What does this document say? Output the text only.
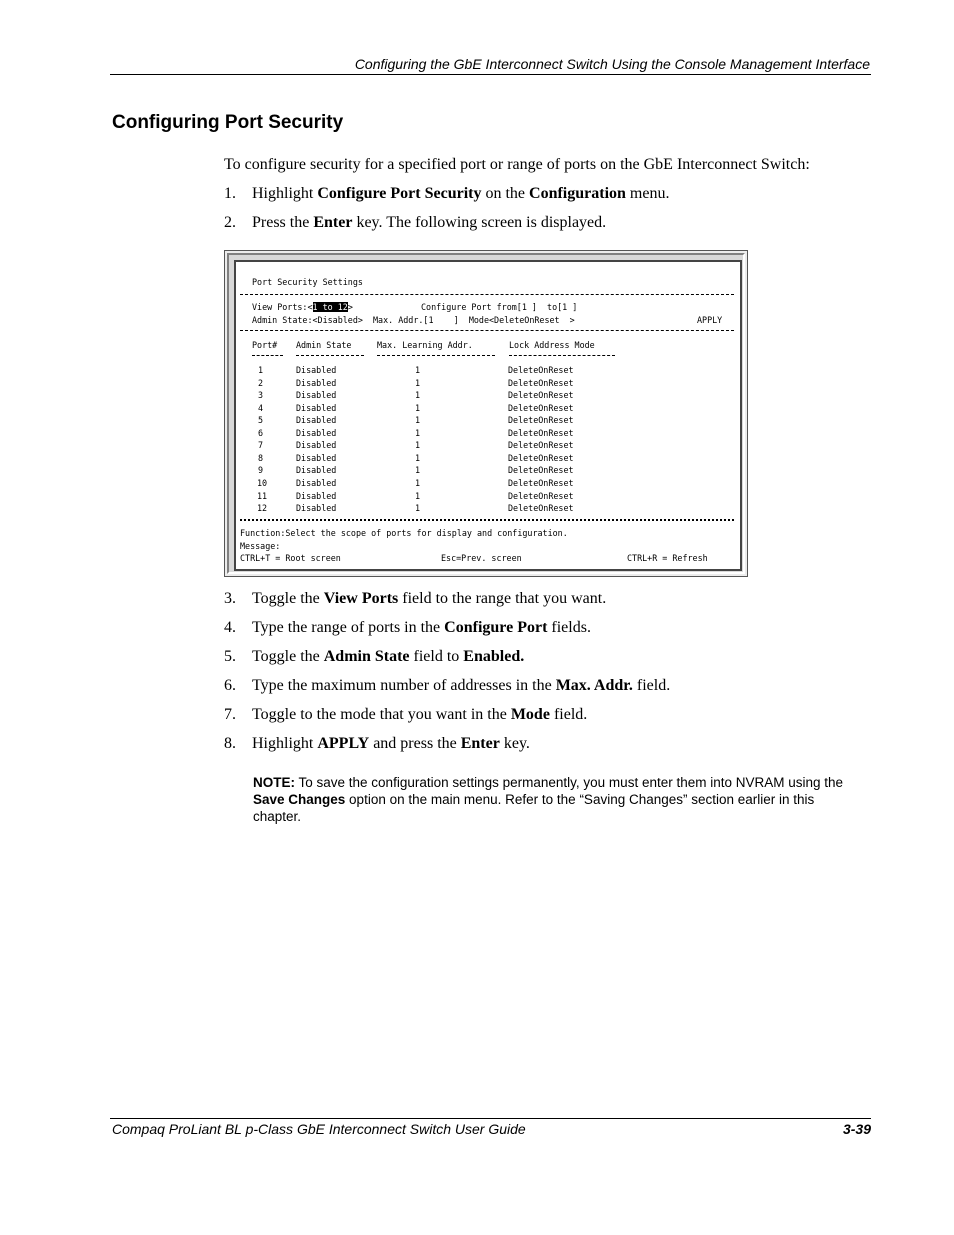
Configuring the GbE Interconnect Switch Using the Console Management Interface
Configuring Port Security
To configure security for a specified port or range of ports on the GbE Interconnect Switch:
1. Highlight Configure Port Security on the Configuration menu.
2. Press the Enter key. The following screen is displayed.
Port Security Settings
View Ports:<1 to 12>	Configure Port from[1 ]  to[1 ]
Admin State:<Disabled>  Max. Addr.[1    ]  Mode<DeleteOnReset  >	APPLY
Port# Admin State	Max. Learning Addr.	Lock Address Mode
1	Disabled	1	DeleteOnReset
2	Disabled	1	DeleteOnReset
3	Disabled	1	DeleteOnReset
4	Disabled	1	DeleteOnReset
5	Disabled	1	DeleteOnReset
6	Disabled	1	DeleteOnReset
7	Disabled	1	DeleteOnReset
8	Disabled	1	DeleteOnReset
9	Disabled	1	DeleteOnReset
10	Disabled	1	DeleteOnReset
11	Disabled	1	DeleteOnReset
12	Disabled	1	DeleteOnReset
Function:Select the scope of ports for display and configuration.
Message:
CTRL+T = Root screen	Esc=Prev. screen	CTRL+R = Refresh
3. Toggle the View Ports field to the range that you want.
4. Type the range of ports in the Configure Port fields.
5. Toggle the Admin State field to Enabled.
6. Type the maximum number of addresses in the Max. Addr. field.
7. Toggle to the mode that you want in the Mode field.
8. Highlight APPLY and press the Enter key.
NOTE: To save the configuration settings permanently, you must enter them into NVRAM using the Save Changes option on the main menu. Refer to the “Saving Changes” section earlier in this chapter.
Compaq ProLiant BL p-Class GbE Interconnect Switch User Guide	3-39
